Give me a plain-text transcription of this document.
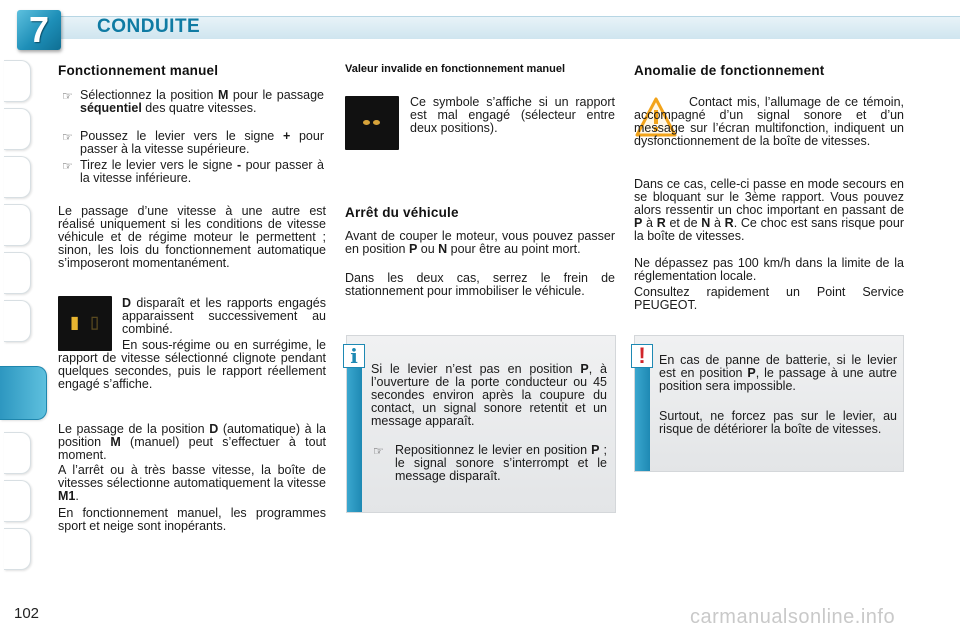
7	CONDUITE
Fonctionnement manuel
☞ Sélectionnez la position M pour le passage séquentiel des quatre vitesses.

☞ Poussez le levier vers le signe + pour passer à la vitesse supérieure.

☞ Tirez le levier vers le signe - pour passer à la vitesse inférieure.

Le passage d’une vitesse à une autre est réalisé uniquement si les conditions de vitesse véhicule et de régime moteur le permettent ; sinon, les lois du fonctionnement automatique s’imposeront momentanément.

▮ ▯

D disparaît et les rapports engagés apparaissent successivement au combiné.

En sous-régime ou en surrégime, le rapport de vitesse sélectionné clignote pendant quelques secondes, puis le rapport réellement engagé s’affiche.

Le passage de la position D (automatique) à la position M (manuel) peut s’effectuer à tout moment.

A l’arrêt ou à très basse vitesse, la boîte de vitesses sélectionne automatiquement la vitesse M1.

En fonctionnement manuel, les programmes sport et neige sont inopérants.

Valeur invalide en fonctionnement manuel

Ce symbole s’affiche si un rapport est mal engagé (sélecteur entre deux positions).

Arrêt du véhicule

Avant de couper le moteur, vous pouvez passer en position P ou N pour être au point mort.

Dans les deux cas, serrez le frein de stationnement pour immobiliser le véhicule.

i

Si le levier n’est pas en position P, à l’ouverture de la porte conducteur ou 45 secondes environ après la coupure du contact, un signal sonore retentit et un message apparaît.

☞ Repositionnez le levier en position P ; le signal sonore s’interrompt et le message disparaît.

Anomalie de fonctionnement

Contact mis, l’allumage de ce témoin, accompagné d’un signal sonore et d’un message sur l’écran multifonction, indiquent un dysfonctionnement de la boîte de vitesses.

Dans ce cas, celle-ci passe en mode secours en se bloquant sur le 3ème rapport. Vous pouvez alors ressentir un choc important en passant de P à R et de N à R. Ce choc est sans risque pour la boîte de vitesses.

Ne dépassez pas 100 km/h dans la limite de la réglementation locale.

Consultez rapidement un Point Service PEUGEOT.

!	En cas de panne de batterie, si le levier est en position P, le passage à une autre position sera impossible.

Surtout, ne forcez pas sur le levier, au risque de détériorer la boîte de vitesses.

102	carmanualsonline.info
